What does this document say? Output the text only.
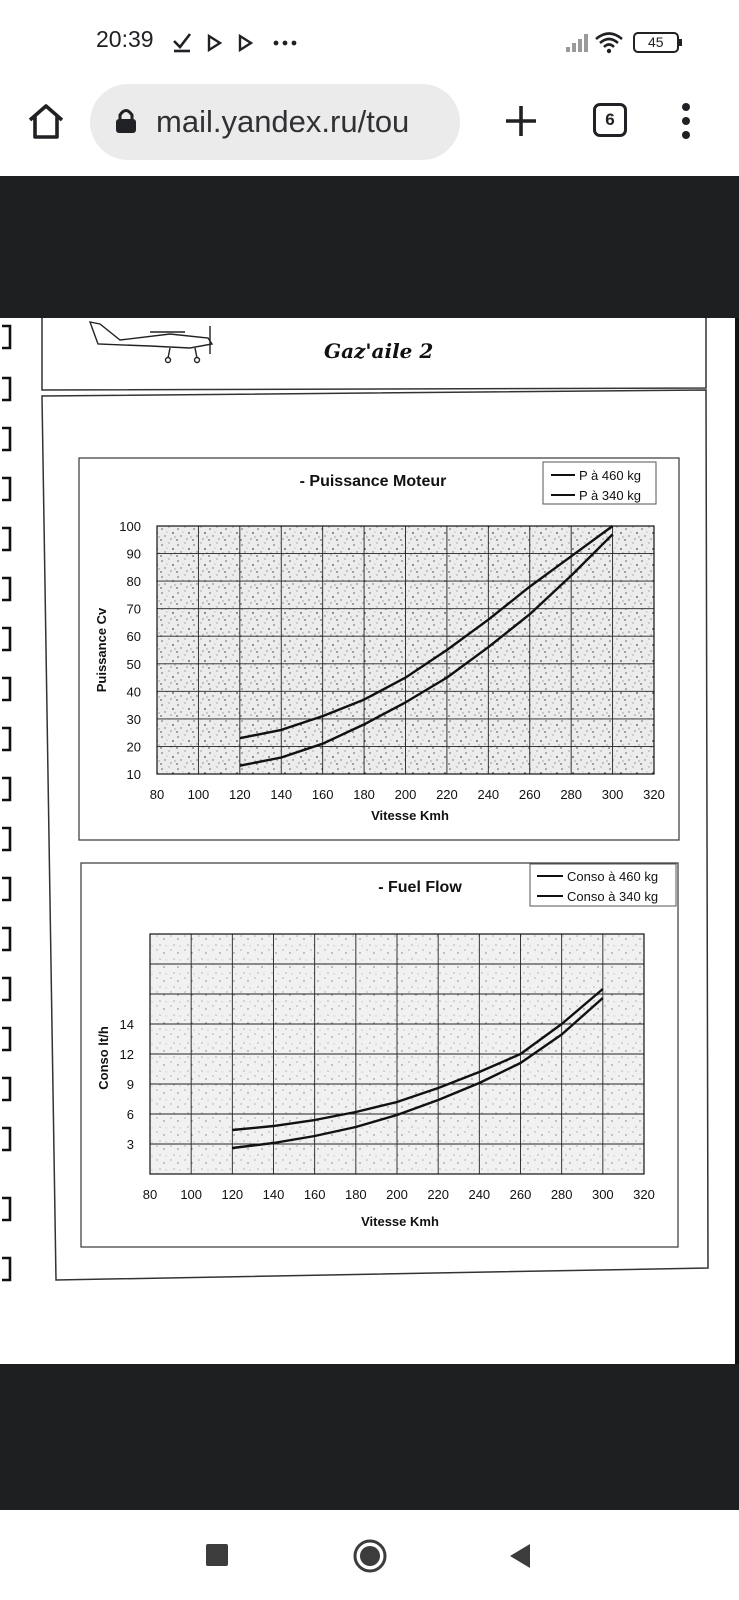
20:39	45
mail.yandex.ru/tou	6
Gaz'aile 2
80 100 120 140 160 180 200 220 240 260 280 300 320
100
90
80
70
60
50
40
30
20
10
- Puissance Moteur
Vitesse Kmh
Puissance Cv
P à 460 kg
P à 340 kg
80 100 120 140 160 180 200 220 240 260 280 300 320
14
12
9
6
3
- Fuel Flow
Vitesse Kmh
Conso lt/h
Conso à 460 kg
Conso à 340 kg
